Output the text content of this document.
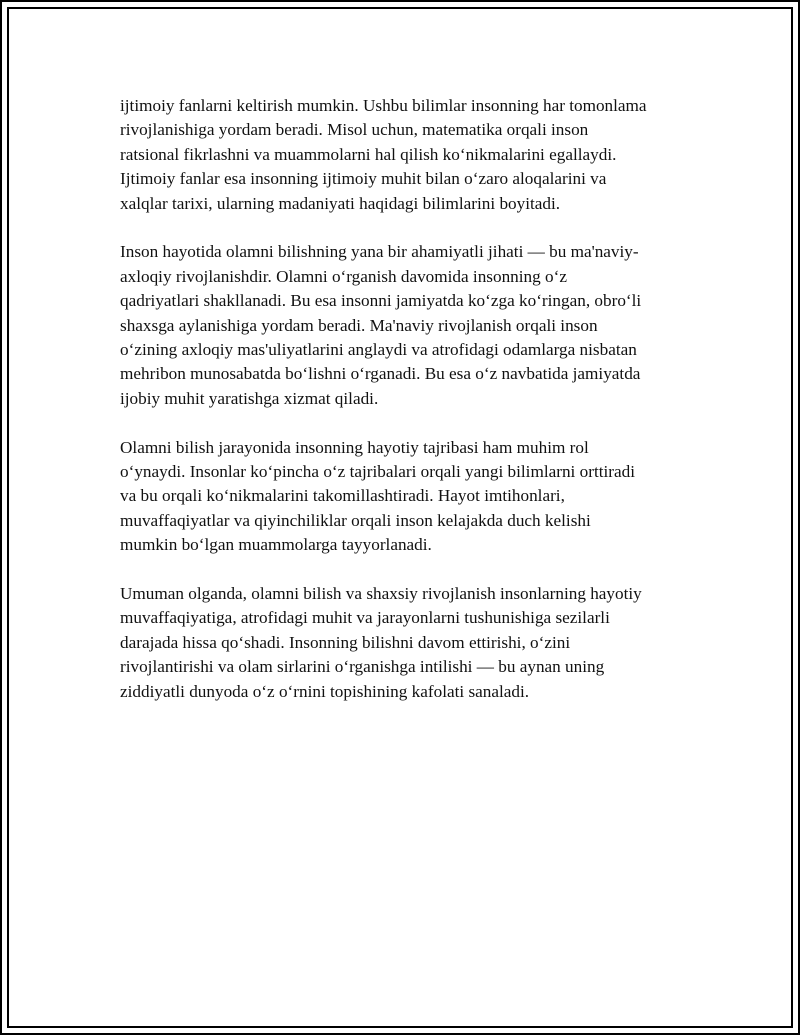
ijtimoiy fanlarni keltirish mumkin. Ushbu bilimlar insonning har tomonlama
rivojlanishiga yordam beradi. Misol uchun, matematika orqali inson
ratsional fikrlashni va muammolarni hal qilish ko‘nikmalarini egallaydi.
Ijtimoiy fanlar esa insonning ijtimoiy muhit bilan o‘zaro aloqalarini va
xalqlar tarixi, ularning madaniyati haqidagi bilimlarini boyitadi.

Inson hayotida olamni bilishning yana bir ahamiyatli jihati — bu ma'naviy-
axloqiy rivojlanishdir. Olamni o‘rganish davomida insonning o‘z
qadriyatlari shakllanadi. Bu esa insonni jamiyatda ko‘zga ko‘ringan, obro‘li
shaxsga aylanishiga yordam beradi. Ma'naviy rivojlanish orqali inson
o‘zining axloqiy mas'uliyatlarini anglaydi va atrofidagi odamlarga nisbatan
mehribon munosabatda bo‘lishni o‘rganadi. Bu esa o‘z navbatida jamiyatda
ijobiy muhit yaratishga xizmat qiladi.

Olamni bilish jarayonida insonning hayotiy tajribasi ham muhim rol
o‘ynaydi. Insonlar ko‘pincha o‘z tajribalari orqali yangi bilimlarni orttiradi
va bu orqali ko‘nikmalarini takomillashtiradi. Hayot imtihonlari,
muvaffaqiyatlar va qiyinchiliklar orqali inson kelajakda duch kelishi
mumkin bo‘lgan muammolarga tayyorlanadi.

Umuman olganda, olamni bilish va shaxsiy rivojlanish insonlarning hayotiy
muvaffaqiyatiga, atrofidagi muhit va jarayonlarni tushunishiga sezilarli
darajada hissa qo‘shadi. Insonning bilishni davom ettirishi, o‘zini
rivojlantirishi va olam sirlarini o‘rganishga intilishi — bu aynan uning
ziddiyatli dunyoda o‘z o‘rnini topishining kafolati sanaladi.
